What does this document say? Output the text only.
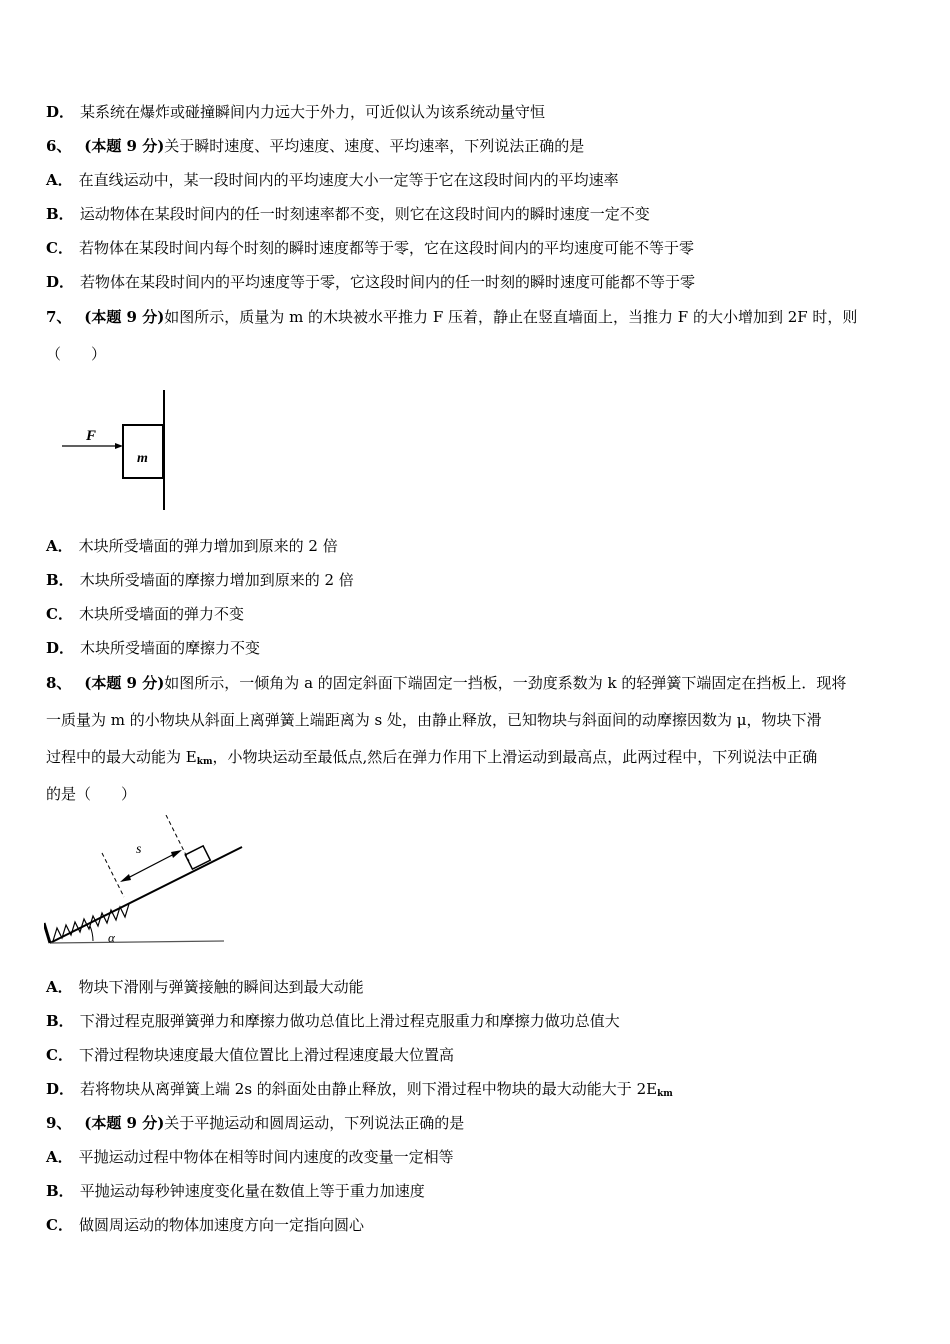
D． 某系统在爆炸或碰撞瞬间内力远大于外力，可近似认为该系统动量守恒
6、 (本题 9 分)关于瞬时速度、平均速度、速度、平均速率，下列说法正确的是
A． 在直线运动中，某一段时间内的平均速度大小一定等于它在这段时间内的平均速率
B． 运动物体在某段时间内的任一时刻速率都不变，则它在这段时间内的瞬时速度一定不变
C． 若物体在某段时间内每个时刻的瞬时速度都等于零，它在这段时间内的平均速度可能不等于零
D． 若物体在某段时间内的平均速度等于零，它这段时间内的任一时刻的瞬时速度可能都不等于零
7、 (本题 9 分)如图所示，质量为 m 的木块被水平推力 F 压着，静止在竖直墙面上，当推力 F 的大小增加到 2F 时，则
（　　）
F
m
A． 木块所受墙面的弹力增加到原来的 2 倍
B． 木块所受墙面的摩擦力增加到原来的 2 倍
C． 木块所受墙面的弹力不变
D． 木块所受墙面的摩擦力不变
8、 (本题 9 分)如图所示，一倾角为 a 的固定斜面下端固定一挡板，一劲度系数为 k 的轻弹簧下端固定在挡板上．现将
一质量为 m 的小物块从斜面上离弹簧上端距离为 s 处，由静止释放，已知物块与斜面间的动摩擦因数为 μ，物块下滑
过程中的最大动能为 $E_{km}$，小物块运动至最低点,然后在弹力作用下上滑运动到最高点，此两过程中，下列说法中正确
的是（　　）
s
α
A． 物块下滑刚与弹簧接触的瞬间达到最大动能
B． 下滑过程克服弹簧弹力和摩擦力做功总值比上滑过程克服重力和摩擦力做功总值大
C． 下滑过程物块速度最大值位置比上滑过程速度最大位置高
D． 若将物块从离弹簧上端 2s 的斜面处由静止释放，则下滑过程中物块的最大动能大于 $2E_{km}$
9、 (本题 9 分)关于平抛运动和圆周运动，下列说法正确的是
A． 平抛运动过程中物体在相等时间内速度的改变量一定相等
B． 平抛运动每秒钟速度变化量在数值上等于重力加速度
C． 做圆周运动的物体加速度方向一定指向圆心
